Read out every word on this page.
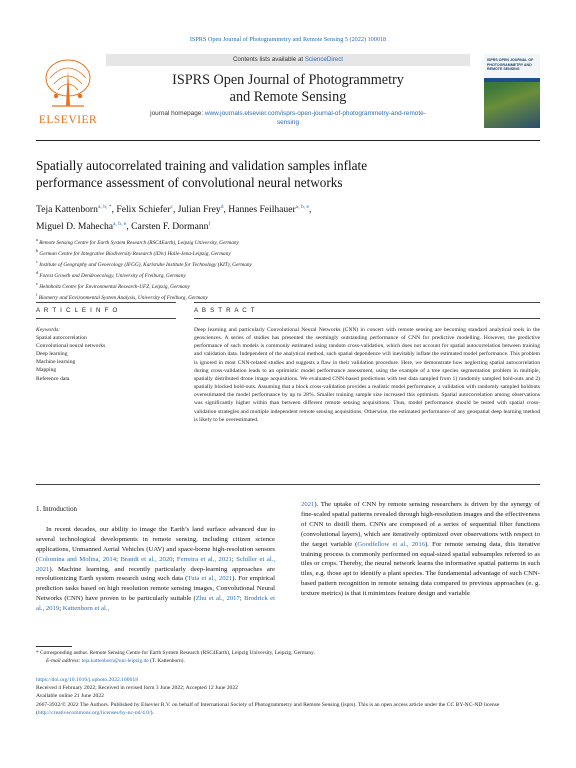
ISPRS Open Journal of Photogrammetry and Remote Sensing 5 (2022) 100018
ELSEVIER
Contents lists available at ScienceDirect
ISPRS Open Journal of Photogrammetry
and Remote Sensing
journal homepage: www.journals.elsevier.com/isprs-open-journal-of-photogrammetry-and-remote-
sensing
ISPRS OPEN JOURNAL OF PHOTOGRAMMETRY AND REMOTE SENSING
Spatially autocorrelated training and validation samples inflate
performance assessment of convolutional neural networks
Teja Kattenborn$^{a, b, *}$, Felix Schiefer$^c$, Julian Frey$^d$, Hannes Feilhauer$^{a, b, e}$,
Miguel D. Mahecha$^{a, b, e}$, Carsten F. Dormann$^f$
$^a$ Remote Sensing Centre for Earth System Research (RSC4Earth), Leipzig University, Germany
$^b$ German Centre for Integrative Biodiversity Research (iDiv) Halle-Jena-Leipzig, Germany
$^c$ Institute of Geography and Geoecology (IFGG), Karlsruhe Institute for Technology (KIT), Germany
$^d$ Forest Growth and Dendroecology, University of Freiburg, Germany
$^e$ Helmholtz Centre for Environmental Research-UFZ, Leipzig, Germany
$^f$ Biometry and Environmental System Analysis, University of Freiburg, Germany
A R T I C L E I N F O	A B S T R A C T
Keywords:
Spatial autocorrelation
Convolutional neural networks
Deep learning
Machine learning
Mapping
Reference data
Deep learning and particularly Convolutional Neural Networks (CNN) in concert with remote sensing are becoming standard analytical tools in the geosciences. A series of studies has presented the seemingly outstanding performance of CNN for predictive modelling. However, the predictive performance of such models is commonly estimated using random cross-validation, which does not account for spatial autocorrelation between training and validation data. Independent of the analytical method, such spatial dependence will inevitably inflate the estimated model performance. This problem is ignored in most CNN-related studies and suggests a flaw in their validation procedure. Here, we demonstrate how neglecting spatial autocorrelation during cross-validation leads to an optimistic model performance assessment, using the example of a tree species segmentation problem in multiple, spatially distributed drone image acquisitions. We evaluated CNN-based predictions with test data sampled from 1) randomly sampled hold-outs and 2) spatially blocked hold-outs. Assuming that a block cross-validation provides a realistic model performance, a validation with randomly sampled holdouts overestimated the model performance by up to 28%. Smaller training sample size increased this optimism. Spatial autocorrelation among observations was significantly higher within than between different remote sensing acquisitions. Thus, model performance should be tested with spatial cross-validation strategies and multiple independent remote sensing acquisitions. Otherwise, the estimated performance of any geospatial deep learning method is likely to be overestimated.
1. Introduction

In recent decades, our ability to image the Earth’s land surface advanced due to several technological developments in remote sensing, including citizen science applications, Unmanned Aerial Vehicles (UAV) and space-borne high-resolution sensors (Colomina and Molina, 2014; Brandt et al., 2020; Ferreira et al., 2021; Schiller et al., 2021). Machine learning, and recently particularly deep-learning approaches are revolutionizing Earth system research using such data (Tuia et al., 2021). For empirical prediction tasks based on high resolution remote sensing images, Convolutional Neural Networks (CNN) have proven to be particularly suitable (Zhu et al., 2017; Brodrick et al., 2019; Kattenborn et al.,

2021). The uptake of CNN by remote sensing researchers is driven by the synergy of fine-scaled spatial patterns revealed through high-resolution images and the effectiveness of CNN to distill them. CNNs are composed of a series of sequential filter functions (convolutional layers), which are iteratively optimized over observations with respect to the target variable (Goodfellow et al., 2016). For remote sensing data, this iterative training process is commonly performed on equal-sized spatial subsamples referred to as tiles or crops. Thereby, the neural network learns the informative spatial patterns in such tiles, e.g. those apt to identify a plant species. The fundamental advantage of such CNN-based pattern recognition in remote sensing data compared to previous approaches (e. g. texture metrics) is that it minimizes feature design and variable

* Corresponding author. Remote Sensing Centre for Earth System Research (RSC4Earth), Leipzig University, Leipzig, Germany.
E-mail address: teja.kattenborn@uni-leipzig.de (T. Kattenborn).
https://doi.org/10.1016/j.ophoto.2022.100018
Received 4 February 2022; Received in revised form 3 June 2022; Accepted 12 June 2022
Available online 21 June 2022
2667-3932/© 2022 The Authors. Published by Elsevier B.V. on behalf of International Society of Photogrammetry and Remote Sensing (isprs). This is an open access article under the CC BY-NC-ND license (http://creativecommons.org/licenses/by-nc-nd/4.0/).
